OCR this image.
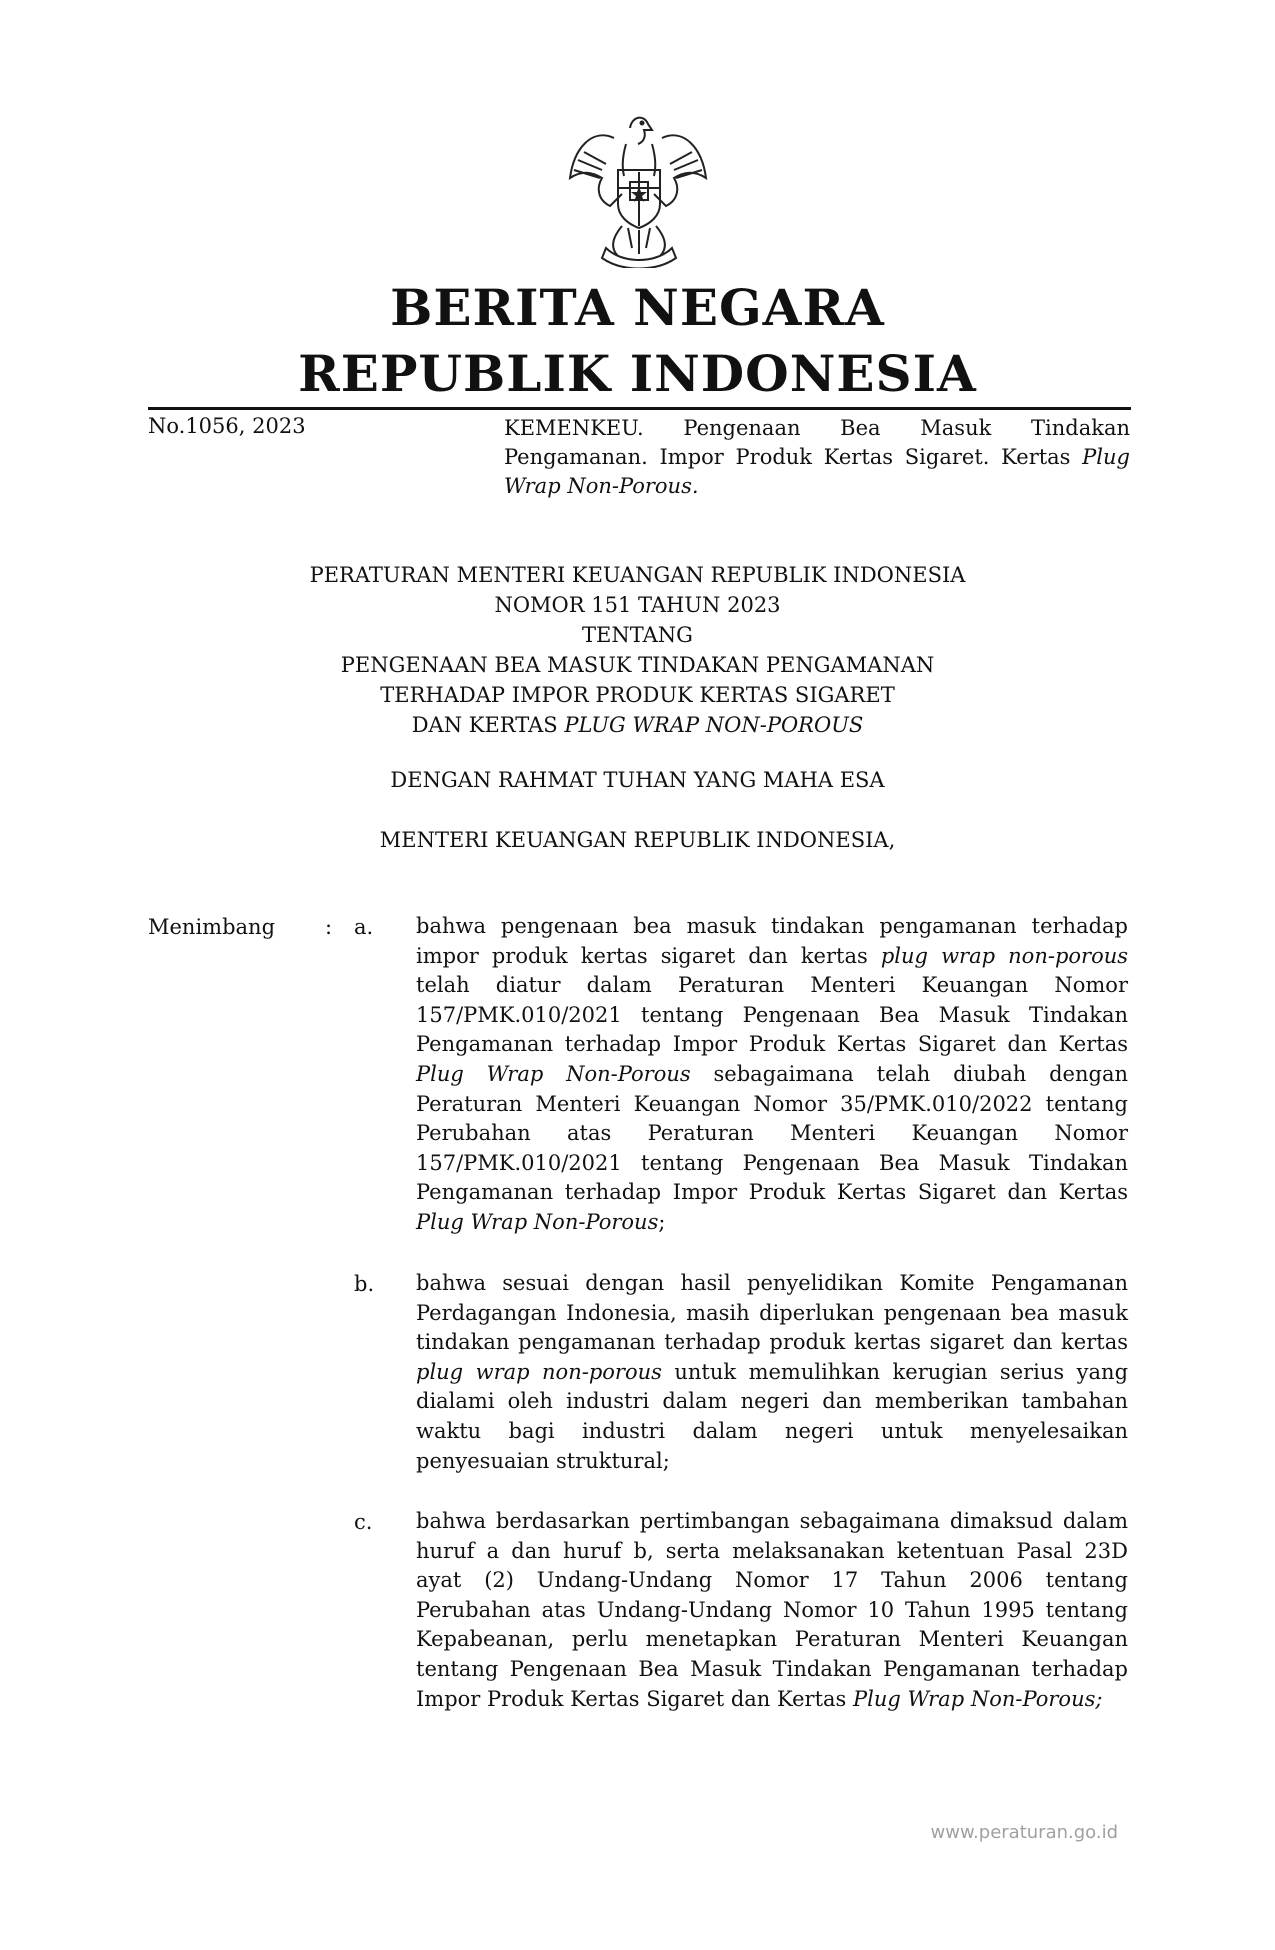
BERITA NEGARA
REPUBLIK INDONESIA
No.1056, 2023	KEMENKEU. Pengenaan Bea Masuk Tindakan Pengamanan. Impor Produk Kertas Sigaret. Kertas Plug Wrap Non-Porous.
PERATURAN MENTERI KEUANGAN REPUBLIK INDONESIA
NOMOR 151 TAHUN 2023
TENTANG
PENGENAAN BEA MASUK TINDAKAN PENGAMANAN
TERHADAP IMPOR PRODUK KERTAS SIGARET
DAN KERTAS PLUG WRAP NON-POROUS
DENGAN RAHMAT TUHAN YANG MAHA ESA
MENTERI KEUANGAN REPUBLIK INDONESIA,
Menimbang : a. bahwa pengenaan bea masuk tindakan pengamanan terhadap impor produk kertas sigaret dan kertas plug wrap non-porous telah diatur dalam Peraturan Menteri Keuangan Nomor 157/PMK.010/2021 tentang Pengenaan Bea Masuk Tindakan Pengamanan terhadap Impor Produk Kertas Sigaret dan Kertas Plug Wrap Non-Porous sebagaimana telah diubah dengan Peraturan Menteri Keuangan Nomor 35/PMK.010/2022 tentang Perubahan atas Peraturan Menteri Keuangan Nomor 157/PMK.010/2021 tentang Pengenaan Bea Masuk Tindakan Pengamanan terhadap Impor Produk Kertas Sigaret dan Kertas Plug Wrap Non-Porous;
b. bahwa sesuai dengan hasil penyelidikan Komite Pengamanan Perdagangan Indonesia, masih diperlukan pengenaan bea masuk tindakan pengamanan terhadap produk kertas sigaret dan kertas plug wrap non-porous untuk memulihkan kerugian serius yang dialami oleh industri dalam negeri dan memberikan tambahan waktu bagi industri dalam negeri untuk menyelesaikan penyesuaian struktural;
c. bahwa berdasarkan pertimbangan sebagaimana dimaksud dalam huruf a dan huruf b, serta melaksanakan ketentuan Pasal 23D ayat (2) Undang-Undang Nomor 17 Tahun 2006 tentang Perubahan atas Undang-Undang Nomor 10 Tahun 1995 tentang Kepabeanan, perlu menetapkan Peraturan Menteri Keuangan tentang Pengenaan Bea Masuk Tindakan Pengamanan terhadap Impor Produk Kertas Sigaret dan Kertas Plug Wrap Non-Porous;
www.peraturan.go.id
